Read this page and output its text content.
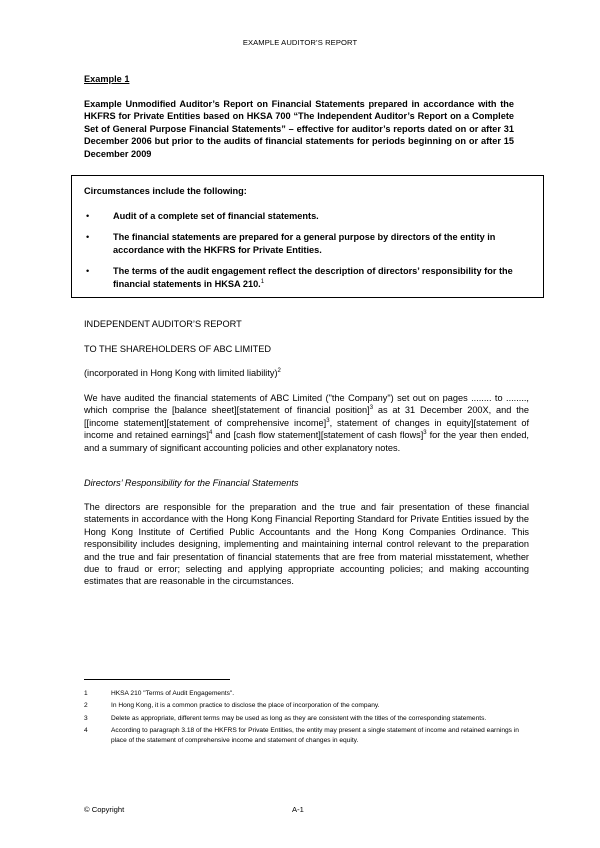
EXAMPLE AUDITOR’S REPORT
Example 1
Example Unmodified Auditor’s Report on Financial Statements prepared in accordance with the HKFRS for Private Entities based on HKSA 700 “The Independent Auditor’s Report on a Complete Set of General Purpose Financial Statements” – effective for auditor’s reports dated on or after 31 December 2006 but prior to the audits of financial statements for periods beginning on or after 15 December 2009
Circumstances include the following:
•	Audit of a complete set of financial statements.
•	The financial statements are prepared for a general purpose by directors of the entity in accordance with the HKFRS for Private Entities.
•	The terms of the audit engagement reflect the description of directors’ responsibility for the financial statements in HKSA 210.$^1$
INDEPENDENT AUDITOR’S REPORT
TO THE SHAREHOLDERS OF ABC LIMITED
(incorporated in Hong Kong with limited liability)$^2$
We have audited the financial statements of ABC Limited ("the Company") set out on pages ........ to ........, which comprise the [balance sheet][statement of financial position]$^3$ as at 31 December 200X, and the [[income statement][statement of comprehensive income]$^3$, statement of changes in equity][statement of income and retained earnings]$^4$ and [cash flow statement][statement of cash flows]$^3$ for the year then ended, and a summary of significant accounting policies and other explanatory notes.
Directors’ Responsibility for the Financial Statements
The directors are responsible for the preparation and the true and fair presentation of these financial statements in accordance with the Hong Kong Financial Reporting Standard for Private Entities issued by the Hong Kong Institute of Certified Public Accountants and the Hong Kong Companies Ordinance. This responsibility includes designing, implementing and maintaining internal control relevant to the preparation and the true and fair presentation of financial statements that are free from material misstatement, whether due to fraud or error; selecting and applying appropriate accounting policies; and making accounting estimates that are reasonable in the circumstances.
1	HKSA 210 "Terms of Audit Engagements".
2	In Hong Kong, it is a common practice to disclose the place of incorporation of the company.
3	Delete as appropriate, different terms may be used as long as they are consistent with the titles of the corresponding statements.
4	According to paragraph 3.18 of the HKFRS for Private Entities, the entity may present a single statement of income and retained earnings in place of the statement of comprehensive income and statement of changes in equity.
© Copyright	A-1
